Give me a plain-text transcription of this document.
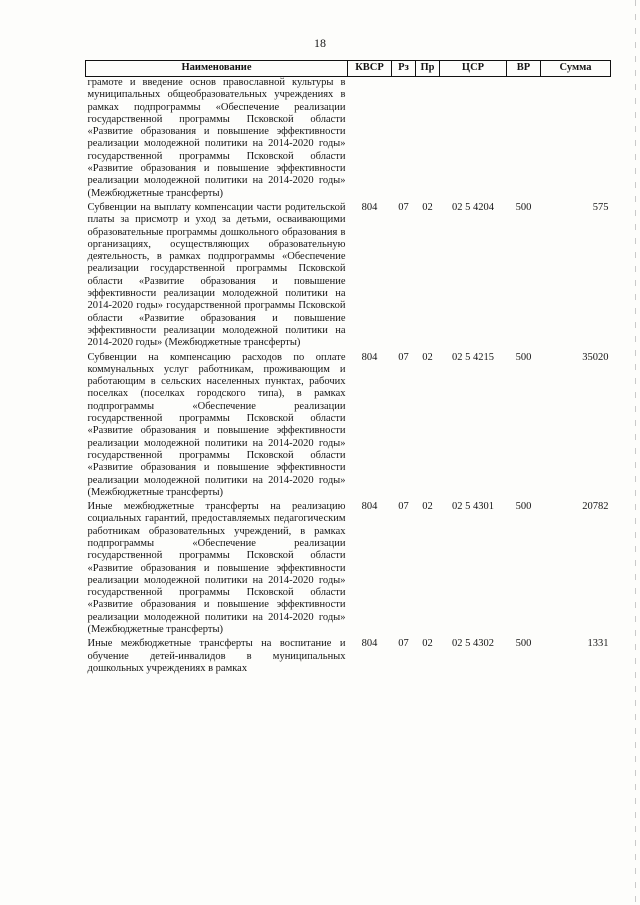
18
Наименование	КВСР	Рз	Пр	ЦСР	ВР	Сумма
грамоте и введение основ православной культуры в муниципальных общеобразовательных учреждениях в рамках подпрограммы «Обеспечение реализации государственной программы Псковской области «Развитие образования и повышение эффективности реализации молодежной политики на 2014-2020 годы» государственной программы Псковской области «Развитие образования и повышение эффективности реализации молодежной политики на 2014-2020 годы» (Межбюджетные трансферты)						
Субвенции на выплату компенсации части родительской платы за присмотр и уход за детьми, осваивающими образовательные программы дошкольного образования в организациях, осуществляющих образовательную деятельность, в рамках подпрограммы «Обеспечение реализации государственной программы Псковской области «Развитие образования и повышение эффективности реализации молодежной политики на 2014-2020 годы» государственной программы Псковской области «Развитие образования и повышение эффективности реализации молодежной политики на 2014-2020 годы» (Межбюджетные трансферты)	804	07	02	02 5 4204	500	575
Субвенции на компенсацию расходов по оплате коммунальных услуг работникам, проживающим и работающим в сельских населенных пунктах, рабочих поселках (поселках городского типа), в рамках подпрограммы «Обеспечение реализации государственной программы Псковской области «Развитие образования и повышение эффективности реализации молодежной политики на 2014-2020 годы» государственной программы Псковской области «Развитие образования и повышение эффективности реализации молодежной политики на 2014-2020 годы» (Межбюджетные трансферты)	804	07	02	02 5 4215	500	35020
Иные межбюджетные трансферты на реализацию социальных гарантий, предоставляемых педагогическим работникам образовательных учреждений, в рамках подпрограммы «Обеспечение реализации государственной программы Псковской области «Развитие образования и повышение эффективности реализации молодежной политики на 2014-2020 годы» государственной программы Псковской области «Развитие образования и повышение эффективности реализации молодежной политики на 2014-2020 годы» (Межбюджетные трансферты)	804	07	02	02 5 4301	500	20782
Иные межбюджетные трансферты на воспитание и обучение детей-инвалидов в муниципальных дошкольных учреждениях в рамках	804	07	02	02 5 4302	500	1331
